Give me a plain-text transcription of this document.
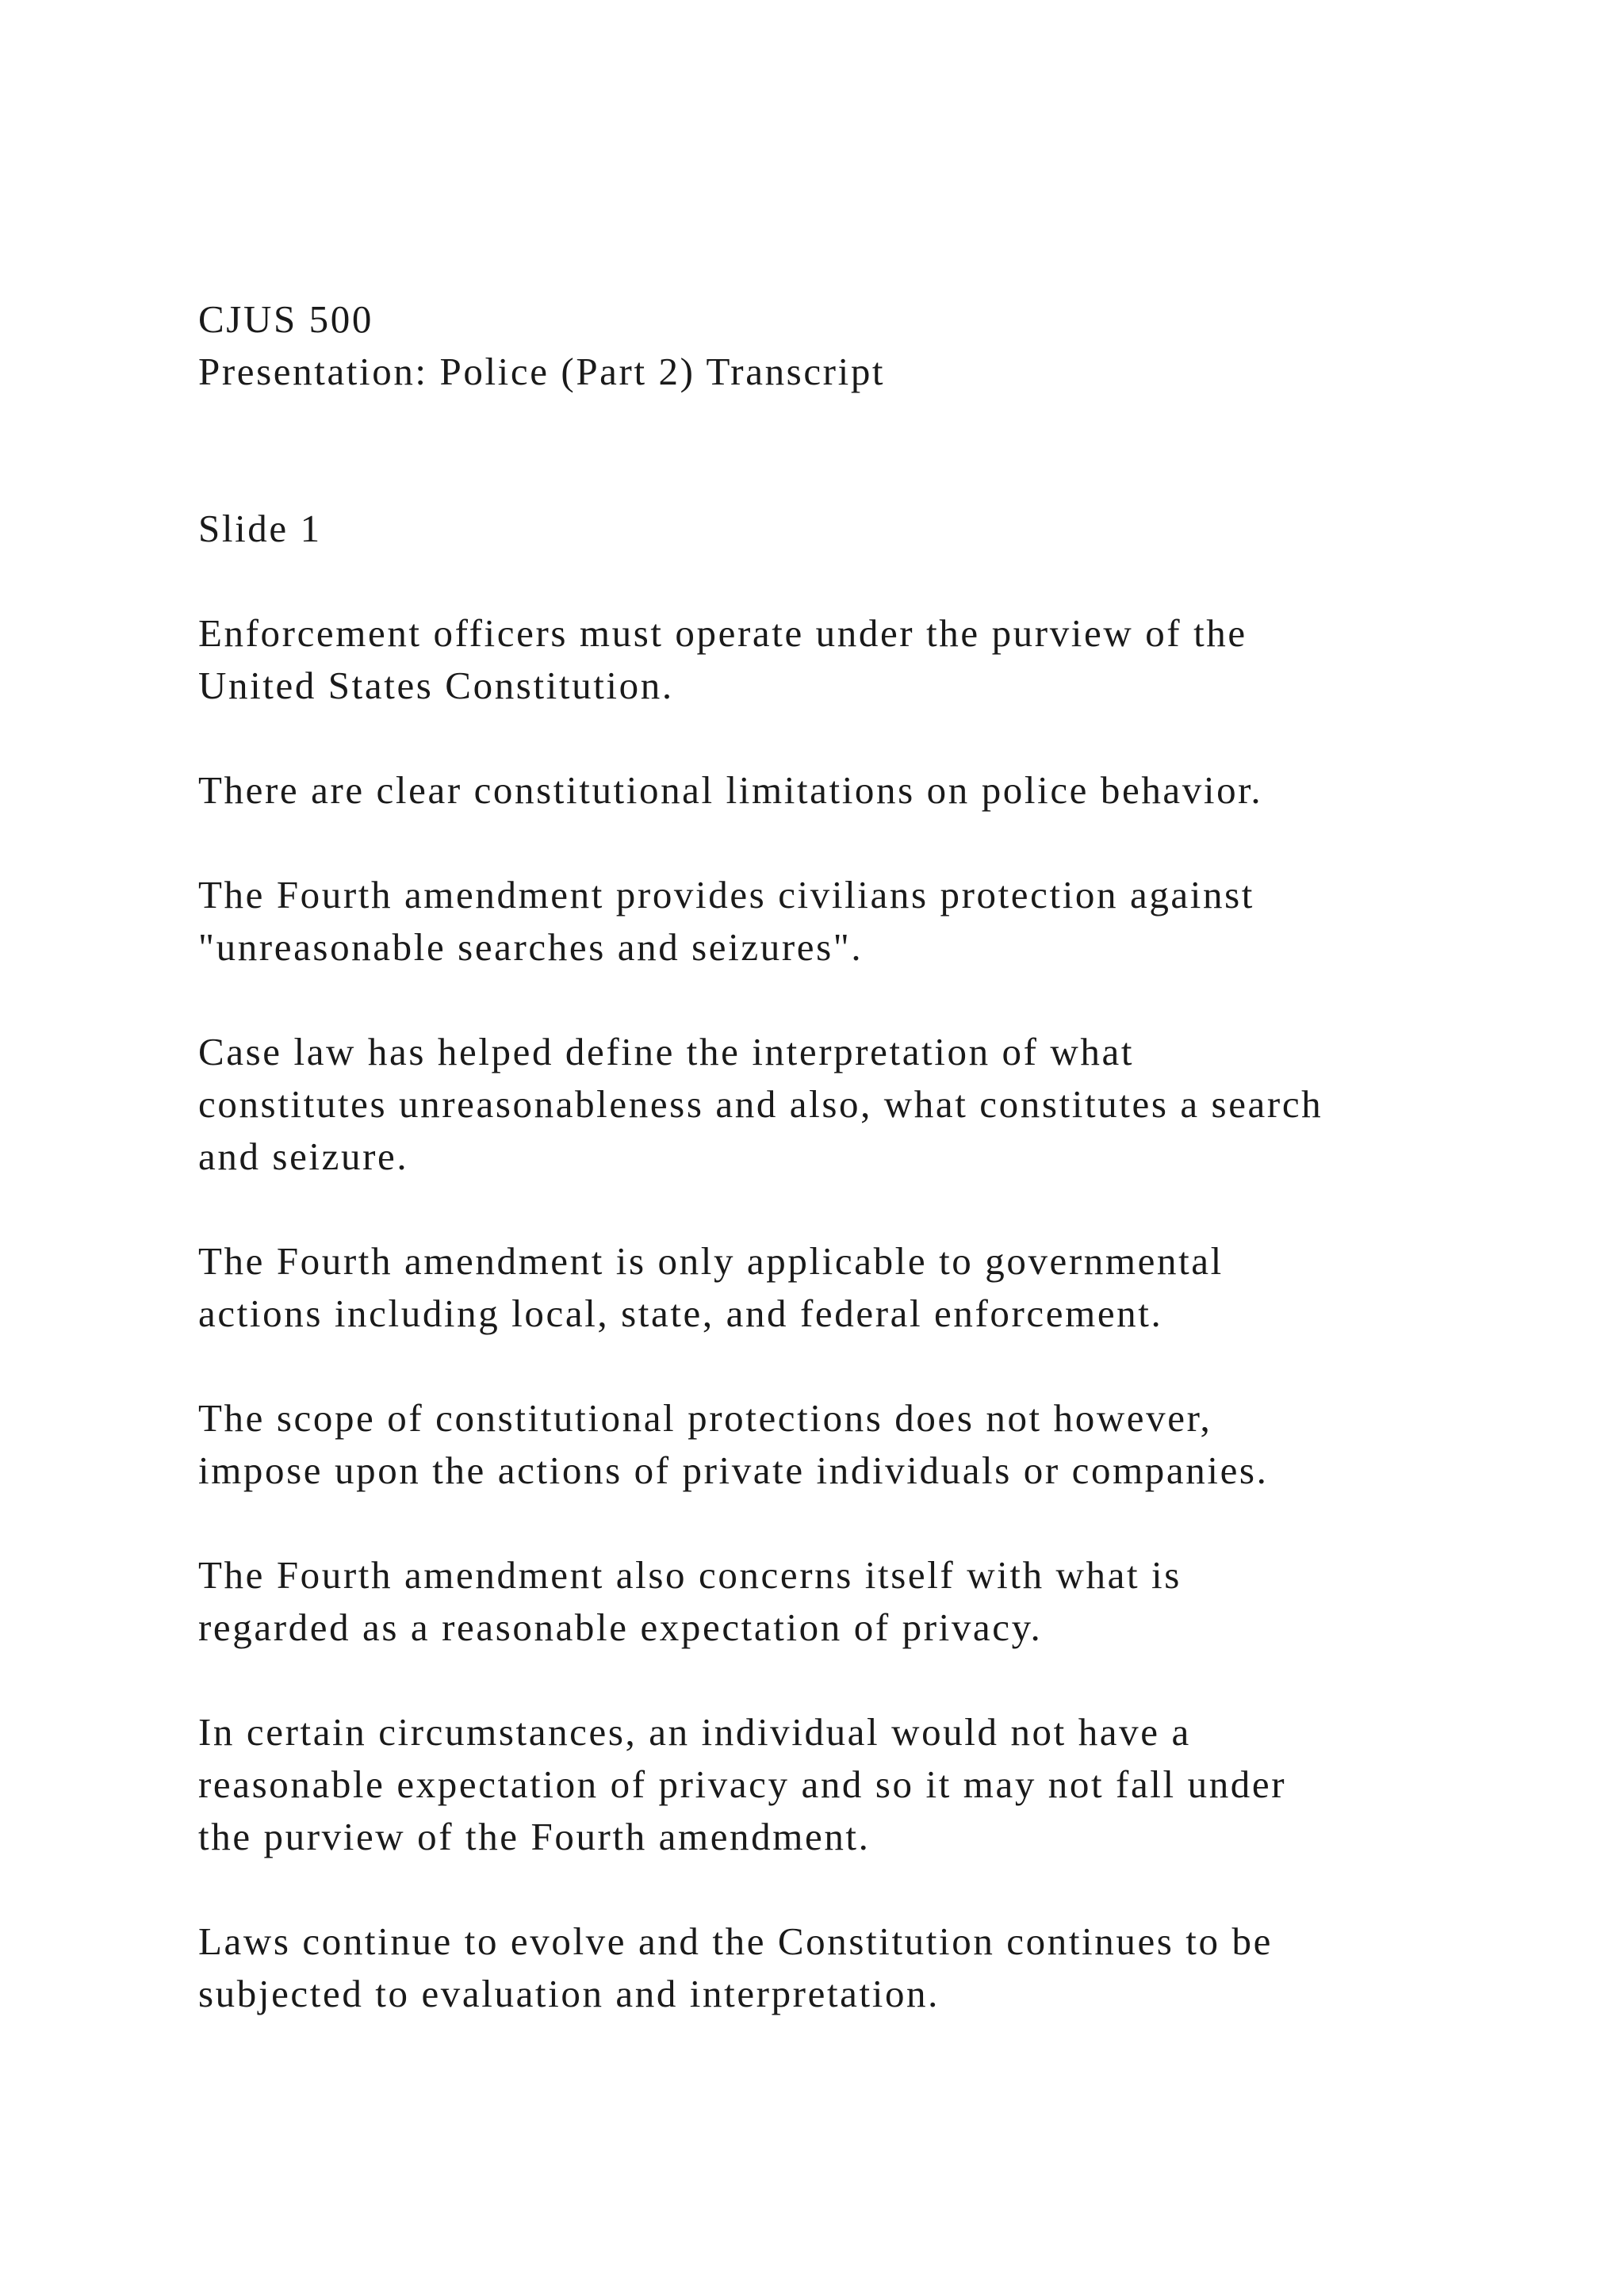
CJUS 500
Presentation: Police (Part 2) Transcript
Slide 1

Enforcement officers must operate under the purview of the
United States Constitution.

There are clear constitutional limitations on police behavior.

The Fourth amendment provides civilians protection against
"unreasonable searches and seizures".

Case law has helped define the interpretation of what
constitutes unreasonableness and also, what constitutes a search
and seizure.

The Fourth amendment is only applicable to governmental
actions including local, state, and federal enforcement.

The scope of constitutional protections does not however,
impose upon the actions of private individuals or companies.

The Fourth amendment also concerns itself with what is
regarded as a reasonable expectation of privacy.

In certain circumstances, an individual would not have a
reasonable expectation of privacy and so it may not fall under
the purview of the Fourth amendment.

Laws continue to evolve and the Constitution continues to be
subjected to evaluation and interpretation.
